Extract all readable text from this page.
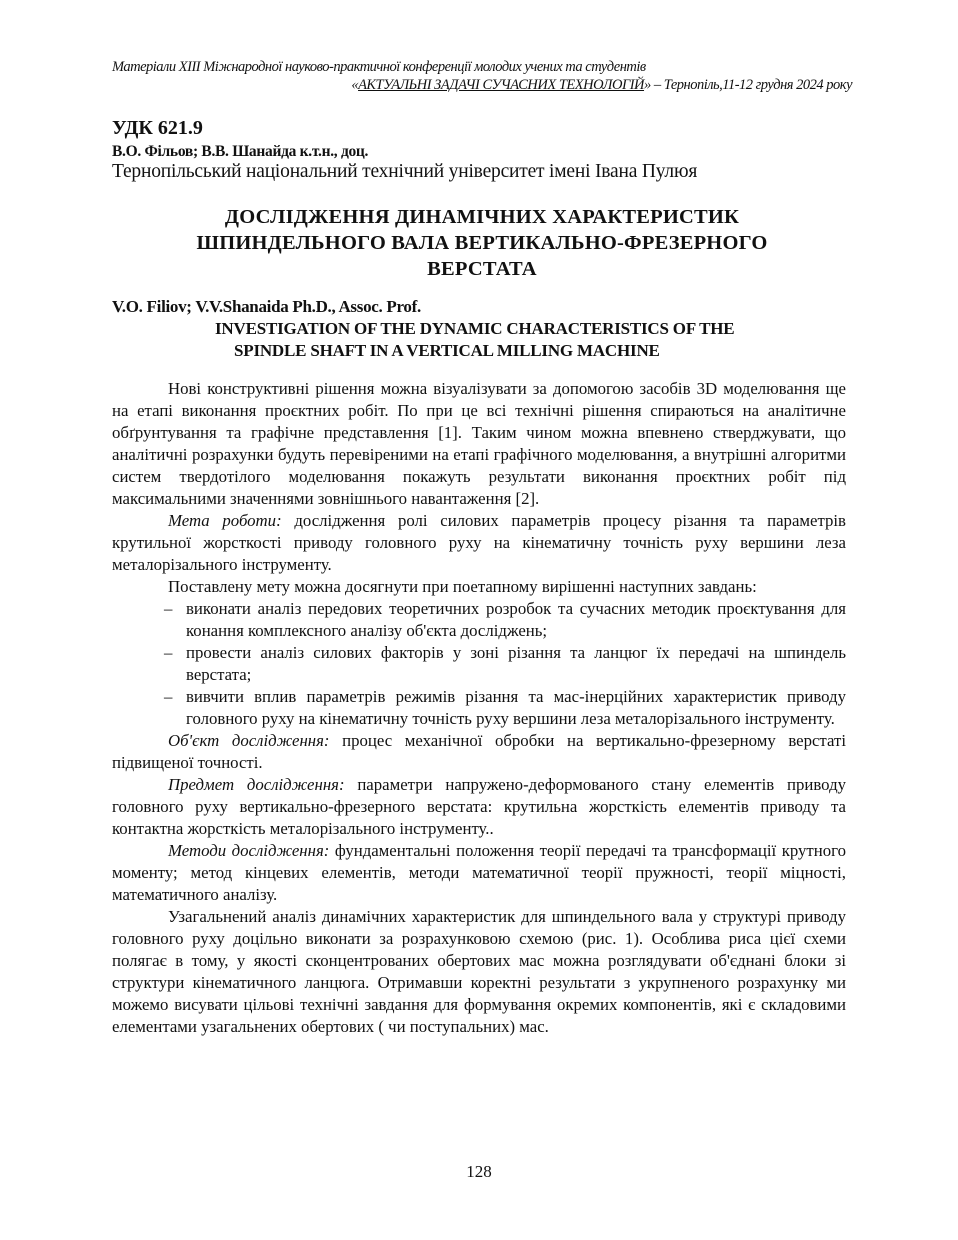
Матеріали XIII Міжнародної науково-практичної конференції молодих учених та студентів
«АКТУАЛЬНІ ЗАДАЧІ СУЧАСНИХ ТЕХНОЛОГІЙ» – Тернопіль,11-12 грудня 2024 року
УДК 621.9
В.О. Фільов; В.В. Шанайда к.т.н., доц.
Тернопільський національний технічний університет імені Івана Пулюя
ДОСЛІДЖЕННЯ ДИНАМІЧНИХ ХАРАКТЕРИСТИК
ШПИНДЕЛЬНОГО ВАЛА ВЕРТИКАЛЬНО-ФРЕЗЕРНОГО
ВЕРСТАТА
V.O. Filiov; V.V.Shanaida Ph.D., Assoc. Prof.
INVESTIGATION OF THE DYNAMIC CHARACTERISTICS OF THE
SPINDLE SHAFT IN A VERTICAL MILLING MACHINE

Нові конструктивні рішення можна візуалізувати за допомогою засобів 3D моделювання ще на етапі виконання проєктних робіт. По при це всі технічні рішення спираються на аналітичне обґрунтування та графічне представлення [1]. Таким чином можна впевнено стверджувати, що аналітичні розрахунки будуть перевіреними на етапі графічного моделювання, а внутрішні алгоритми систем твердотілого моделювання покажуть результати виконання проєктних робіт під максимальними значеннями зовнішнього навантаження [2].

Мета роботи: дослідження ролі силових параметрів процесу різання та параметрів крутильної жорсткості приводу головного руху на кінематичну точність руху вершини леза металорізального інструменту.

Поставлену мету можна досягнути при поетапному вирішенні наступних завдань:

– виконати аналіз передових теоретичних розробок та сучасних методик проєктування для конання комплексного аналізу об'єкта досліджень;
– провести аналіз силових факторів у зоні різання та ланцюг їх передачі на шпиндель верстата;
– вивчити вплив параметрів режимів різання та мас-інерційних характеристик приводу головного руху на кінематичну точність руху вершини леза металорізального інструменту.

Об'єкт дослідження: процес механічної обробки на вертикально-фрезерному верстаті підвищеної точності.

Предмет дослідження: параметри напружено-деформованого стану елементів приводу головного руху вертикально-фрезерного верстата: крутильна жорсткість елементів приводу та контактна жорсткість металорізального інструменту..

Методи дослідження: фундаментальні положення теорії передачі та трансформації крутного моменту; метод кінцевих елементів, методи математичної теорії пружності, теорії міцності, математичного аналізу.

Узагальнений аналіз динамічних характеристик для шпиндельного вала у структурі приводу головного руху доцільно виконати за розрахунковою схемою (рис. 1). Особлива риса цієї схеми полягає в тому, у якості сконцентрованих обертових мас можна розглядувати об'єднані блоки зі структури кінематичного ланцюга. Отримавши коректні результати з укрупненого розрахунку ми можемо висувати цільові технічні завдання для формування окремих компонентів, які є складовими елементами узагальнених обертових ( чи поступальних) мас.

128
